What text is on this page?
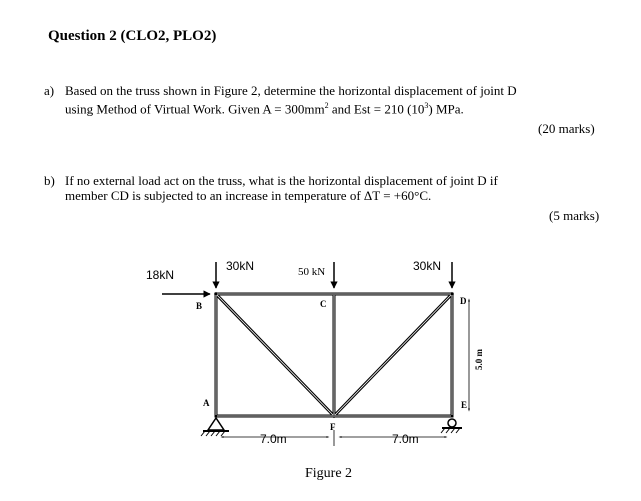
Question 2 (CLO2, PLO2)
a) Based on the truss shown in Figure 2, determine the horizontal displacement of joint D
using Method of Virtual Work. Given $A = 300mm^2$ and Est = 210 $(10^3)$ MPa.
(20 marks)
b) If no external load act on the truss, what is the horizontal displacement of joint D if
member CD is subjected to an increase in temperature of ΔT = +60°C.
(5 marks)
18kN
30kN	50 kN	30kN
B	C	D
A
F
E
7.0m	7.0m
5.0 m
Figure 2
